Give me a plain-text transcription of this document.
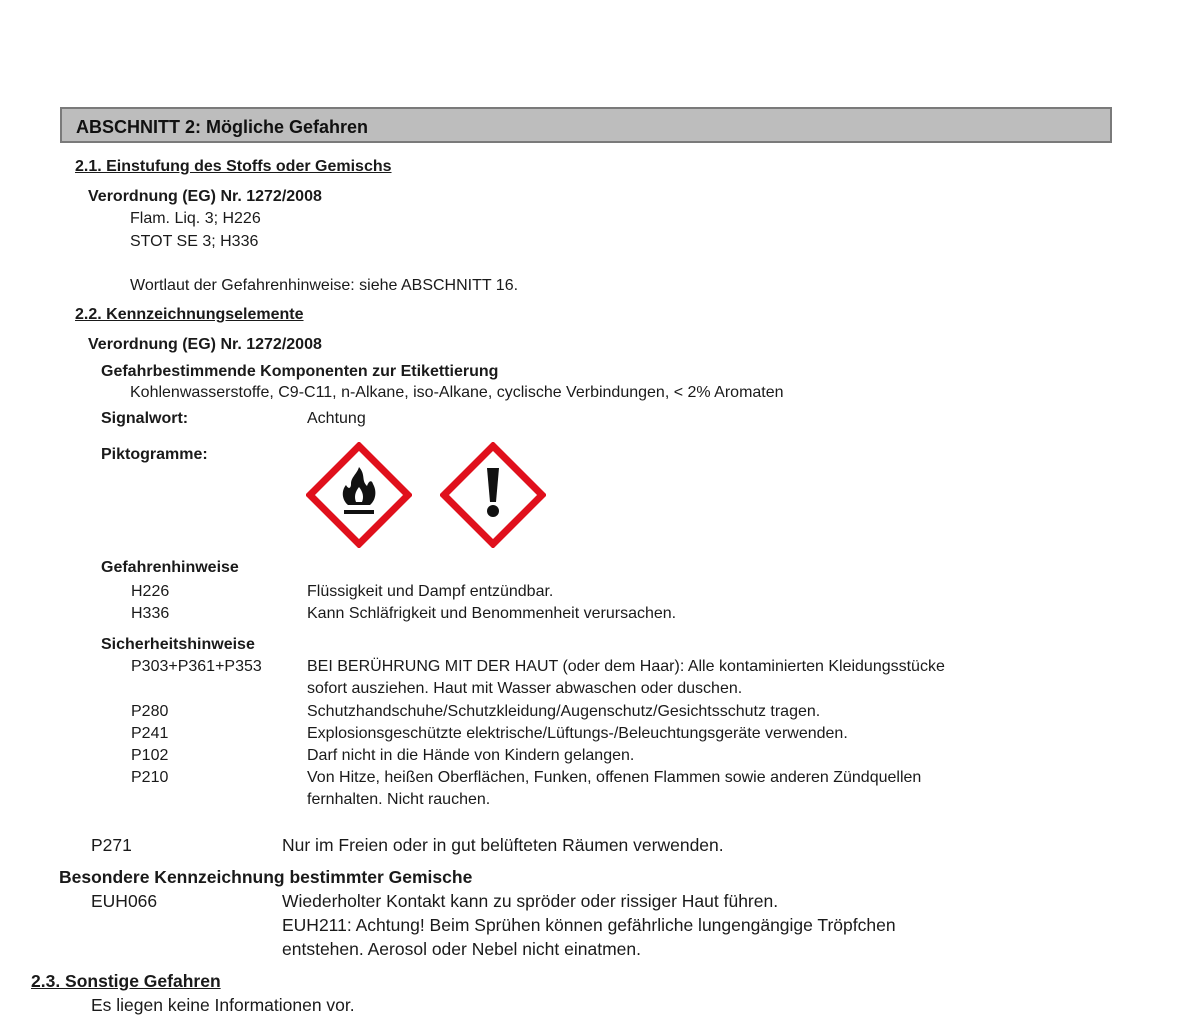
ABSCHNITT 2: Mögliche Gefahren
2.1. Einstufung des Stoffs oder Gemischs
Verordnung (EG) Nr. 1272/2008
Flam. Liq. 3; H226
STOT SE 3; H336
Wortlaut der Gefahrenhinweise: siehe ABSCHNITT 16.
2.2. Kennzeichnungselemente
Verordnung (EG) Nr. 1272/2008
Gefahrbestimmende Komponenten zur Etikettierung
Kohlenwasserstoffe, C9-C11, n-Alkane, iso-Alkane, cyclische Verbindungen, < 2% Aromaten
Signalwort:	Achtung
Piktogramme:
Gefahrenhinweise
H226	Flüssigkeit und Dampf entzündbar.
H336	Kann Schläfrigkeit und Benommenheit verursachen.
Sicherheitshinweise
P303+P361+P353	BEI BERÜHRUNG MIT DER HAUT (oder dem Haar): Alle kontaminierten Kleidungsstücke
sofort ausziehen. Haut mit Wasser abwaschen oder duschen.
P280	Schutzhandschuhe/Schutzkleidung/Augenschutz/Gesichtsschutz tragen.
P241	Explosionsgeschützte elektrische/Lüftungs-/Beleuchtungsgeräte verwenden.
P102	Darf nicht in die Hände von Kindern gelangen.
P210	Von Hitze, heißen Oberflächen, Funken, offenen Flammen sowie anderen Zündquellen
fernhalten. Nicht rauchen.
P271	Nur im Freien oder in gut belüfteten Räumen verwenden.
Besondere Kennzeichnung bestimmter Gemische
EUH066	Wiederholter Kontakt kann zu spröder oder rissiger Haut führen.
EUH211: Achtung! Beim Sprühen können gefährliche lungengängige Tröpfchen
entstehen. Aerosol oder Nebel nicht einatmen.
2.3. Sonstige Gefahren
Es liegen keine Informationen vor.
